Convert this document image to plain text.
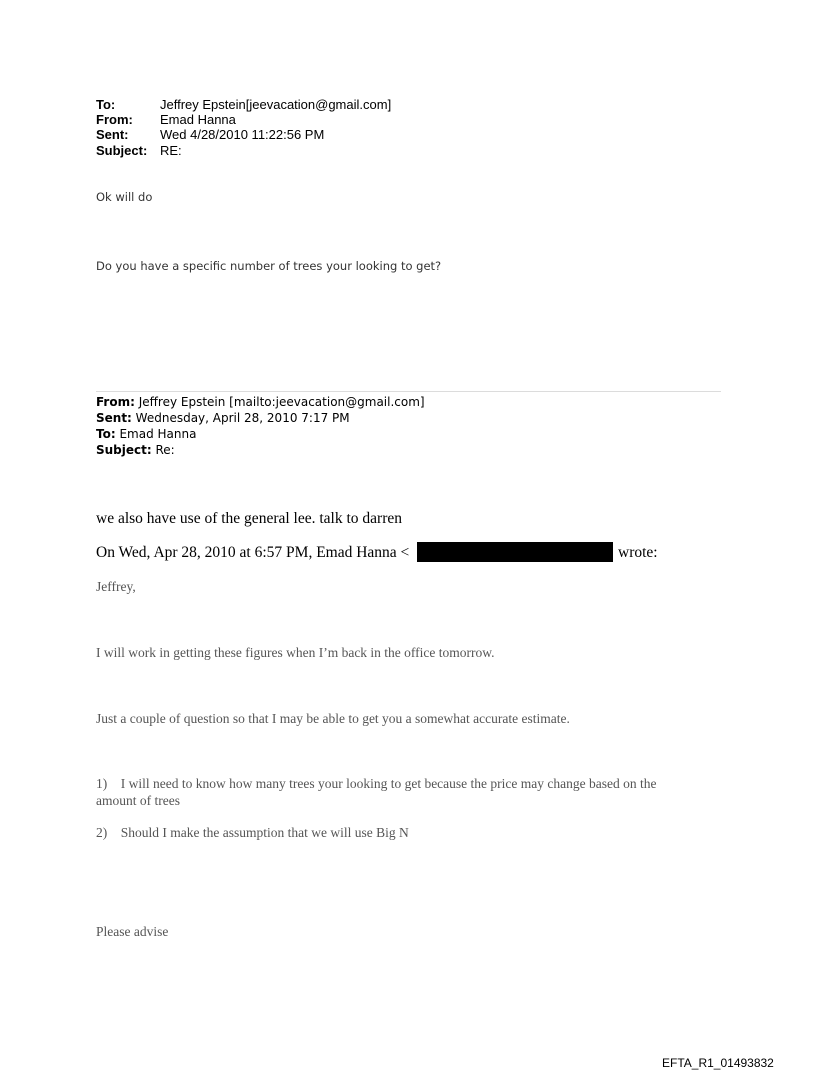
To:	Jeffrey Epstein[jeevacation@gmail.com]
From: Emad Hanna
Sent: Wed 4/28/2010 11:22:56 PM
Subject: RE:
Ok will do
Do you have a specific number of trees your looking to get?
From: Jeffrey Epstein [mailto:jeevacation@gmail.com]
Sent: Wednesday, April 28, 2010 7:17 PM
To: Emad Hanna
Subject: Re:
we also have use of the general lee. talk to darren
On Wed, Apr 28, 2010 at 6:57 PM, Emad Hanna <	wrote:
Jeffrey,
I will work in getting these figures when I’m back in the office tomorrow.
Just a couple of question so that I may be able to get you a somewhat accurate estimate.
1)    I will need to know how many trees your looking to get because the price may change based on the
amount of trees
2)    Should I make the assumption that we will use Big N
Please advise
EFTA_R1_01493832
